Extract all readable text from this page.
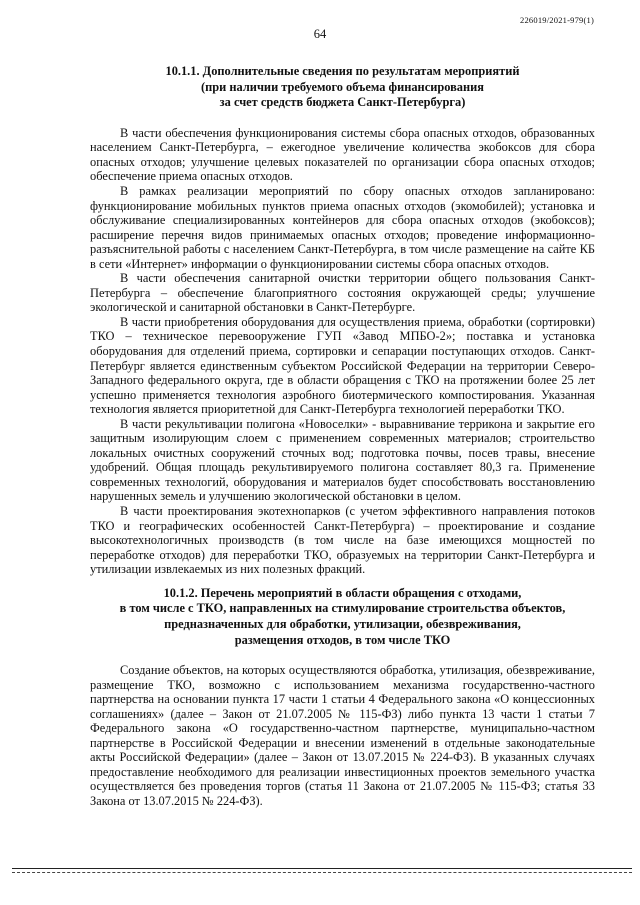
226019/2021-979(1)
64
10.1.1. Дополнительные сведения по результатам мероприятий
(при наличии требуемого объема финансирования
за счет средств бюджета Санкт-Петербурга)

В части обеспечения функционирования системы сбора опасных отходов, образованных населением Санкт-Петербурга, – ежегодное увеличение количества экобоксов для сбора опасных отходов; улучшение целевых показателей по организации сбора опасных отходов; обеспечение приема опасных отходов.

В рамках реализации мероприятий по сбору опасных отходов запланировано: функционирование мобильных пунктов приема опасных отходов (экомобилей); установка и обслуживание специализированных контейнеров для сбора опасных отходов (экобоксов); расширение перечня видов принимаемых опасных отходов; проведение информационно-разъяснительной работы с населением Санкт-Петербурга, в том числе размещение на сайте КБ в сети «Интернет» информации о функционировании системы сбора опасных отходов.

В части обеспечения санитарной очистки территории общего пользования Санкт-Петербурга – обеспечение благоприятного состояния окружающей среды; улучшение экологической и санитарной обстановки в Санкт-Петербурге.

В части приобретения оборудования для осуществления приема, обработки (сортировки) ТКО – техническое перевооружение ГУП «Завод МПБО-2»; поставка и установка оборудования для отделений приема, сортировки и сепарации поступающих отходов. Санкт-Петербург является единственным субъектом Российской Федерации на территории Северо-Западного федерального округа, где в области обращения с ТКО на протяжении более 25 лет успешно применяется технология аэробного биотермического компостирования. Указанная технология является приоритетной для Санкт-Петербурга технологией переработки ТКО.

В части рекультивации полигона «Новоселки» - выравнивание терриконa и закрытие его защитным изолирующим слоем с применением современных материалов; строительство локальных очистных сооружений сточных вод; подготовка почвы, посев травы, внесение удобрений. Общая площадь рекультивируемого полигона составляет 80,3 га. Применение современных технологий, оборудования и материалов будет способствовать восстановлению нарушенных земель и улучшению экологической обстановки в целом.

В части проектирования экотехнопарков (с учетом эффективного направления потоков ТКО и географических особенностей Санкт-Петербурга) – проектирование и создание высокотехнологичных производств (в том числе на базе имеющихся мощностей по переработке отходов) для переработки ТКО, образуемых на территории Санкт-Петербурга и утилизации извлекаемых из них полезных фракций.

10.1.2. Перечень мероприятий в области обращения с отходами,
в том числе с ТКО, направленных на стимулирование строительства объектов,
предназначенных для обработки, утилизации, обезвреживания,
размещения отходов, в том числе ТКО

Создание объектов, на которых осуществляются обработка, утилизация, обезвреживание, размещение ТКО, возможно с использованием механизма государственно-частного партнерства на основании пункта 17 части 1 статьи 4 Федерального закона «О концессионных соглашениях» (далее – Закон от 21.07.2005 № 115-ФЗ) либо пункта 13 части 1 статьи 7 Федерального закона «О государственно-частном партнерстве, муниципально-частном партнерстве в Российской Федерации и внесении изменений в отдельные законодательные акты Российской Федерации» (далее – Закон от 13.07.2015 № 224-ФЗ). В указанных случаях предоставление необходимого для реализации инвестиционных проектов земельного участка осуществляется без проведения торгов (статья 11 Закона от 21.07.2005 № 115-ФЗ; статья 33 Закона от 13.07.2015 № 224-ФЗ).
